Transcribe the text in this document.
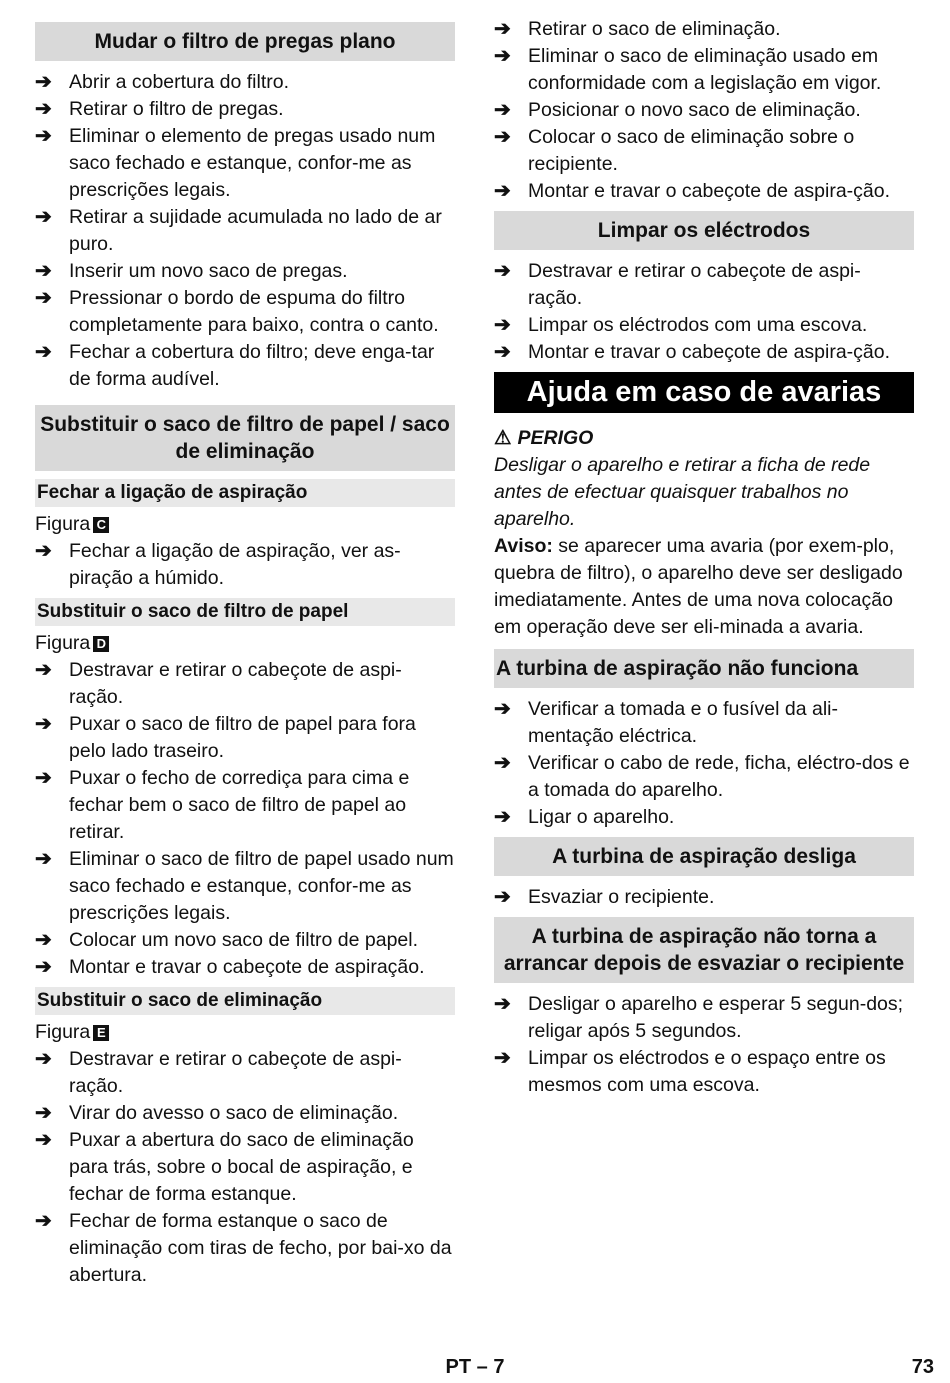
Mudar o filtro de pregas plano
➔ Abrir a cobertura do filtro.
➔ Retirar o filtro de pregas.
➔ Eliminar o elemento de pregas usado num saco fechado e estanque, confor-me as prescrições legais.
➔ Retirar a sujidade acumulada no lado de ar puro.
➔ Inserir um novo saco de pregas.
➔ Pressionar o bordo de espuma do filtro completamente para baixo, contra o canto.
➔ Fechar a cobertura do filtro; deve enga-tar de forma audível.
Substituir o saco de filtro de papel / saco de eliminação
Fechar a ligação de aspiração
Figura C
➔ Fechar a ligação de aspiração, ver as-piração a húmido.
Substituir o saco de filtro de papel
Figura D
➔ Destravar e retirar o cabeçote de aspi-ração.
➔ Puxar o saco de filtro de papel para fora pelo lado traseiro.
➔ Puxar o fecho de corrediça para cima e fechar bem o saco de filtro de papel ao retirar.
➔ Eliminar o saco de filtro de papel usado num saco fechado e estanque, confor-me as prescrições legais.
➔ Colocar um novo saco de filtro de papel.
➔ Montar e travar o cabeçote de aspiração.
Substituir o saco de eliminação
Figura E
➔ Destravar e retirar o cabeçote de aspi-ração.
➔ Virar do avesso o saco de eliminação.
➔ Puxar a abertura do saco de eliminação para trás, sobre o bocal de aspiração, e fechar de forma estanque.
➔ Fechar de forma estanque o saco de eliminação com tiras de fecho, por bai-xo da abertura.
➔ Retirar o saco de eliminação.
➔ Eliminar o saco de eliminação usado em conformidade com a legislação em vigor.
➔ Posicionar o novo saco de eliminação.
➔ Colocar o saco de eliminação sobre o recipiente.
➔ Montar e travar o cabeçote de aspira-ção.
Limpar os eléctrodos
➔ Destravar e retirar o cabeçote de aspi-ração.
➔ Limpar os eléctrodos com uma escova.
➔ Montar e travar o cabeçote de aspira-ção.
Ajuda em caso de avarias
⚠ PERIGO
Desligar o aparelho e retirar a ficha de rede antes de efectuar quaisquer trabalhos no aparelho.
Aviso: se aparecer uma avaria (por exem-plo, quebra de filtro), o aparelho deve ser desligado imediatamente. Antes de uma nova colocação em operação deve ser eli-minada a avaria.
A turbina de aspiração não funciona
➔ Verificar a tomada e o fusível da ali-mentação eléctrica.
➔ Verificar o cabo de rede, ficha, eléctro-dos e a tomada do aparelho.
➔ Ligar o aparelho.
A turbina de aspiração desliga
➔ Esvaziar o recipiente.
A turbina de aspiração não torna a arrancar depois de esvaziar o recipiente
➔ Desligar o aparelho e esperar 5 segun-dos; religar após 5 segundos.
➔ Limpar os eléctrodos e o espaço entre os mesmos com uma escova.
PT – 7	73
